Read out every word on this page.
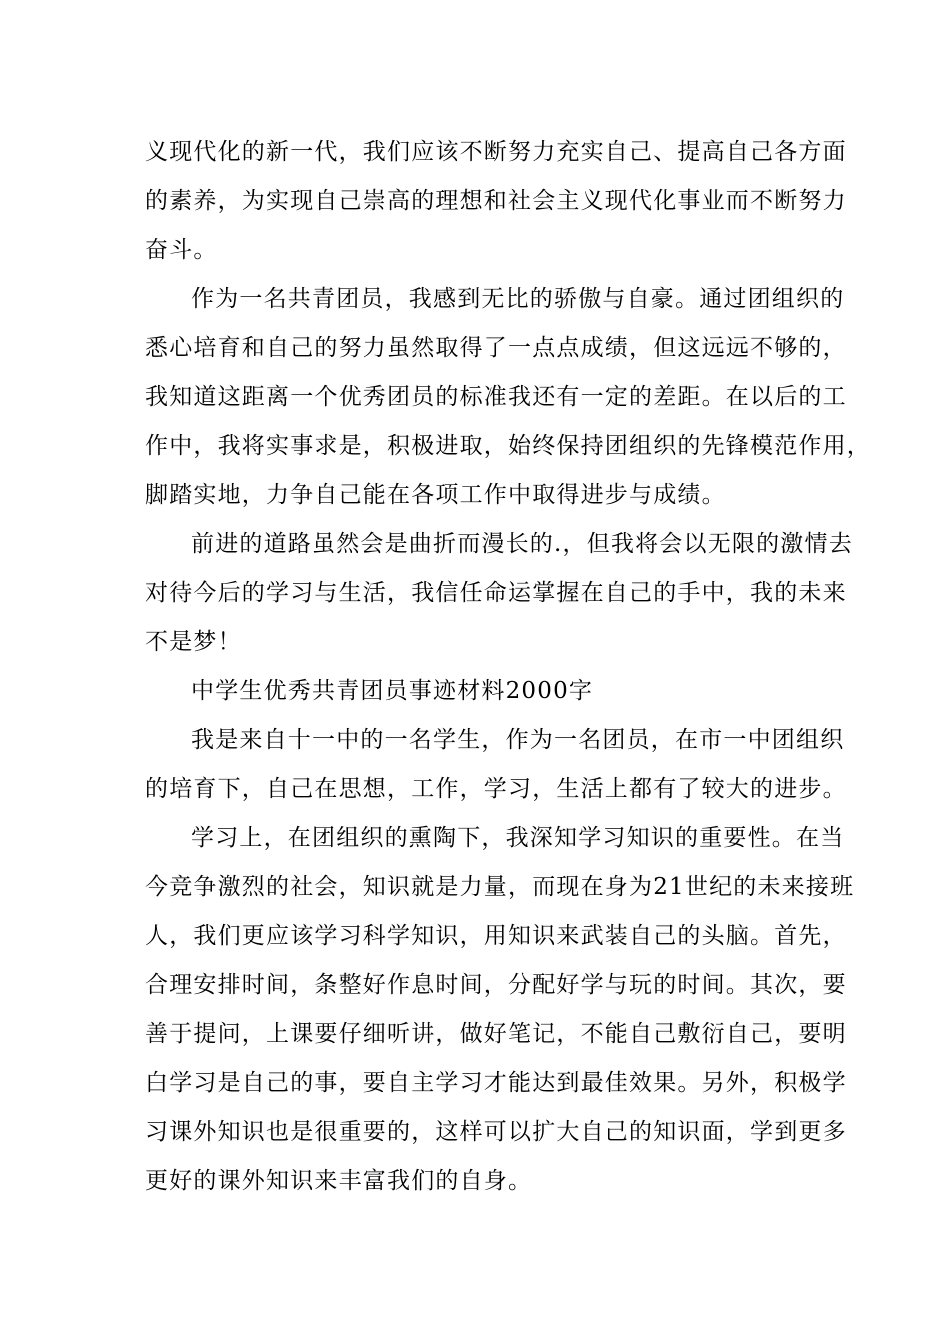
义现代化的新一代，我们应该不断努力充实自己、提高自己各方面
的素养，为实现自己崇高的理想和社会主义现代化事业而不断努力
奋斗。
作为一名共青团员，我感到无比的骄傲与自豪。通过团组织的
悉心培育和自己的努力虽然取得了一点点成绩，但这远远不够的，
我知道这距离一个优秀团员的标准我还有一定的差距。在以后的工
作中，我将实事求是，积极进取，始终保持团组织的先锋模范作用，
脚踏实地，力争自己能在各项工作中取得进步与成绩。
前进的道路虽然会是曲折而漫长的.，但我将会以无限的激情去
对待今后的学习与生活，我信任命运掌握在自己的手中，我的未来
不是梦！
中学生优秀共青团员事迹材料2000字
我是来自十一中的一名学生，作为一名团员，在市一中团组织
的培育下，自己在思想，工作，学习，生活上都有了较大的进步。
学习上，在团组织的熏陶下，我深知学习知识的重要性。在当
今竞争激烈的社会，知识就是力量，而现在身为21世纪的未来接班
人，我们更应该学习科学知识，用知识来武装自己的头脑。首先，
合理安排时间，条整好作息时间，分配好学与玩的时间。其次，要
善于提问，上课要仔细听讲，做好笔记，不能自己敷衍自己，要明
白学习是自己的事，要自主学习才能达到最佳效果。另外，积极学
习课外知识也是很重要的，这样可以扩大自己的知识面，学到更多
更好的课外知识来丰富我们的自身。
